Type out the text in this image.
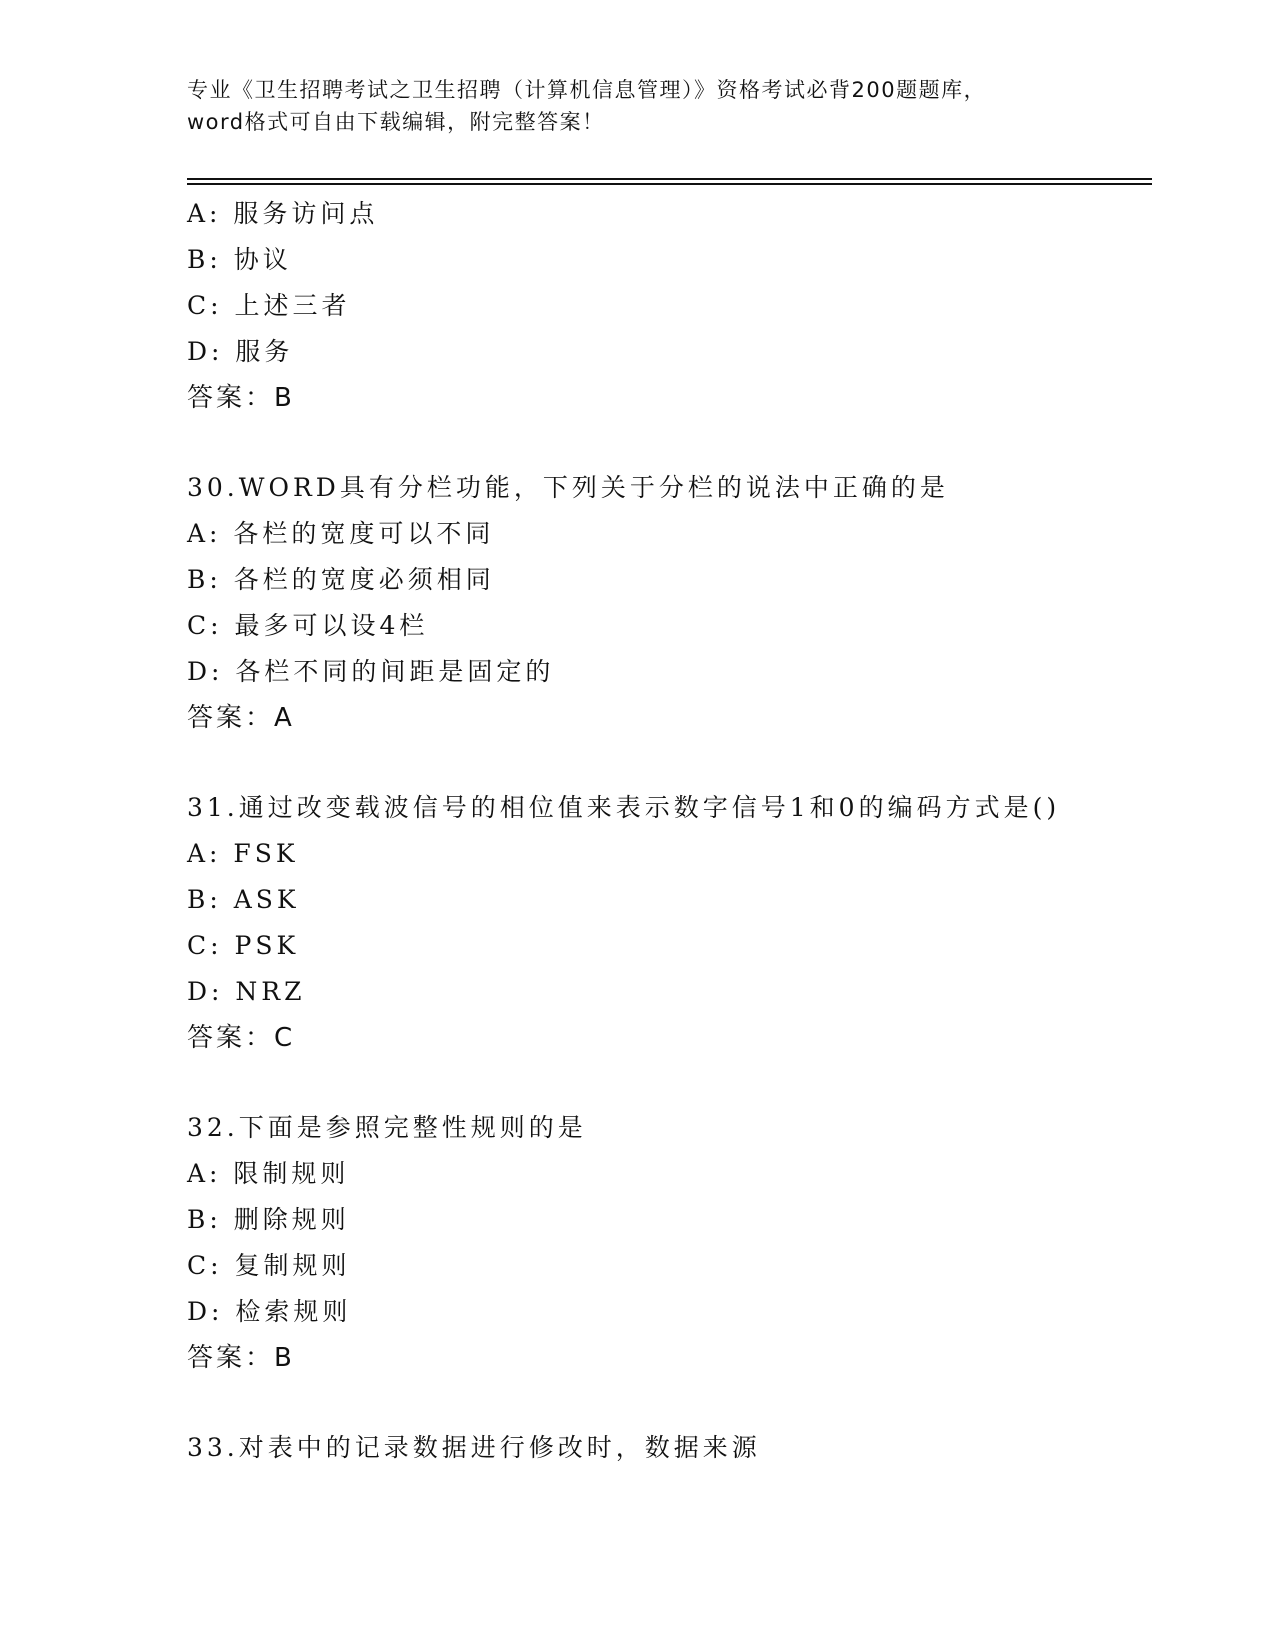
专业《卫生招聘考试之卫生招聘（计算机信息管理）》资格考试必背200题题库，
word格式可自由下载编辑，附完整答案！
A: 服务访问点
B: 协议
C: 上述三者
D: 服务
答案：B
30.WORD具有分栏功能，下列关于分栏的说法中正确的是
A: 各栏的宽度可以不同
B: 各栏的宽度必须相同
C: 最多可以设4栏
D: 各栏不同的间距是固定的
答案：A
31.通过改变载波信号的相位值来表示数字信号1和0的编码方式是()
A: FSK
B: ASK
C: PSK
D: NRZ
答案：C
32.下面是参照完整性规则的是
A: 限制规则
B: 删除规则
C: 复制规则
D: 检索规则
答案：B
33.对表中的记录数据进行修改时，数据来源
